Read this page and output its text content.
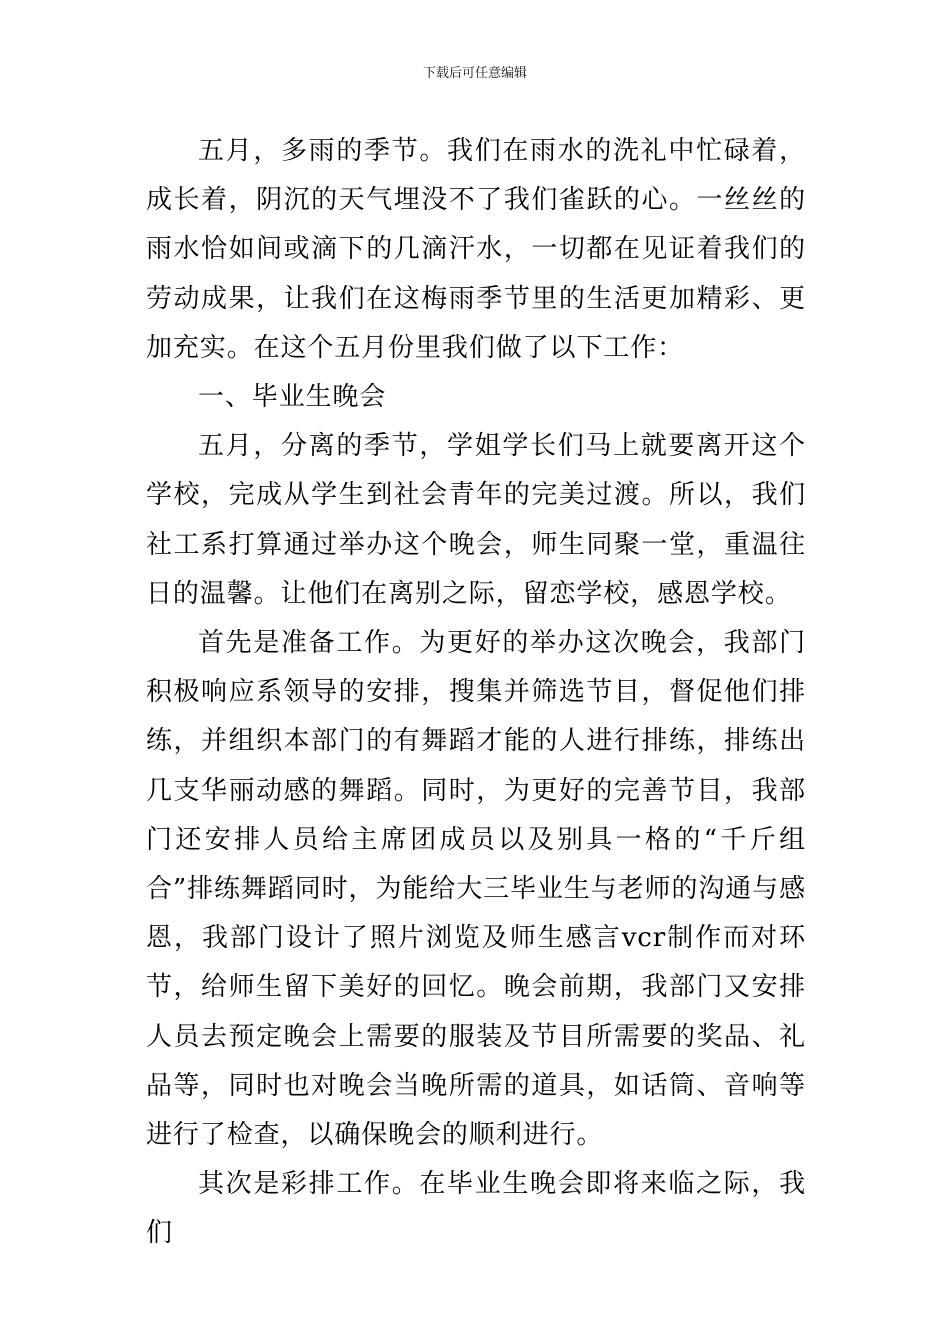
下载后可任意编辑

五月，多雨的季节。我们在雨水的洗礼中忙碌着，成长着，阴沉的天气埋没不了我们雀跃的心。一丝丝的雨水恰如间或滴下的几滴汗水，一切都在见证着我们的劳动成果，让我们在这梅雨季节里的生活更加精彩、更加充实。在这个五月份里我们做了以下工作：

一、毕业生晚会

五月，分离的季节，学姐学长们马上就要离开这个学校，完成从学生到社会青年的完美过渡。所以，我们社工系打算通过举办这个晚会，师生同聚一堂，重温往日的温馨。让他们在离别之际，留恋学校，感恩学校。

首先是准备工作。为更好的举办这次晚会，我部门积极响应系领导的安排，搜集并筛选节目，督促他们排练，并组织本部门的有舞蹈才能的人进行排练，排练出几支华丽动感的舞蹈。同时，为更好的完善节目，我部门还安排人员给主席团成员以及别具一格的“千斤组合”排练舞蹈同时，为能给大三毕业生与老师的沟通与感恩，我部门设计了照片浏览及师生感言vcr制作而对环节，给师生留下美好的回忆。晚会前期，我部门又安排人员去预定晚会上需要的服装及节目所需要的奖品、礼品等，同时也对晚会当晚所需的道具，如话筒、音响等进行了检查，以确保晚会的顺利进行。

其次是彩排工作。在毕业生晚会即将来临之际，我们
